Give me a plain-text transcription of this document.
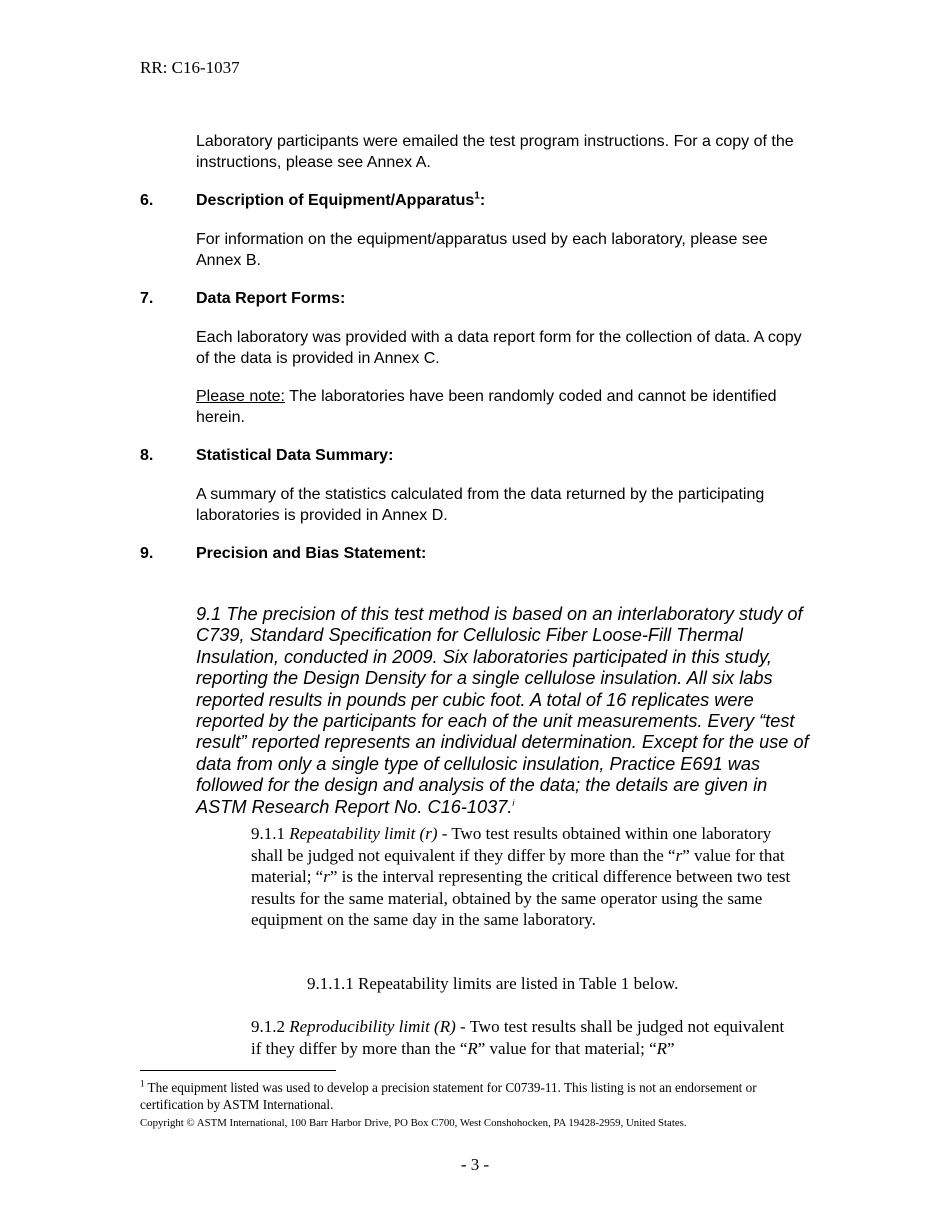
RR: C16-1037
Laboratory participants were emailed the test program instructions. For a copy of the instructions, please see Annex A.
6.	Description of Equipment/Apparatus$^1$:
For information on the equipment/apparatus used by each laboratory, please see Annex B.
7.	Data Report Forms:
Each laboratory was provided with a data report form for the collection of data. A copy of the data is provided in Annex C.
Please note: The laboratories have been randomly coded and cannot be identified herein.
8.	Statistical Data Summary:
A summary of the statistics calculated from the data returned by the participating laboratories is provided in Annex D.
9.	Precision and Bias Statement:
9.1 The precision of this test method is based on an interlaboratory study of C739, Standard Specification for Cellulosic Fiber Loose-Fill Thermal Insulation, conducted in 2009. Six laboratories participated in this study, reporting the Design Density for a single cellulose insulation. All six labs reported results in pounds per cubic foot. A total of 16 replicates were reported by the participants for each of the unit measurements. Every “test result” reported represents an individual determination. Except for the use of data from only a single type of cellulosic insulation, Practice E691 was followed for the design and analysis of the data; the details are given in ASTM Research Report No. C16-1037.$^i$
9.1.1 Repeatability limit (r) - Two test results obtained within one laboratory shall be judged not equivalent if they differ by more than the “r” value for that material; “r” is the interval representing the critical difference between two test results for the same material, obtained by the same operator using the same equipment on the same day in the same laboratory.
9.1.1.1 Repeatability limits are listed in Table 1 below.
9.1.2 Reproducibility limit (R) - Two test results shall be judged not equivalent if they differ by more than the “R” value for that material; “R”
$^1$ The equipment listed was used to develop a precision statement for C0739-11. This listing is not an endorsement or certification by ASTM International.
Copyright © ASTM International, 100 Barr Harbor Drive, PO Box C700, West Conshohocken, PA 19428-2959, United States.
- 3 -
